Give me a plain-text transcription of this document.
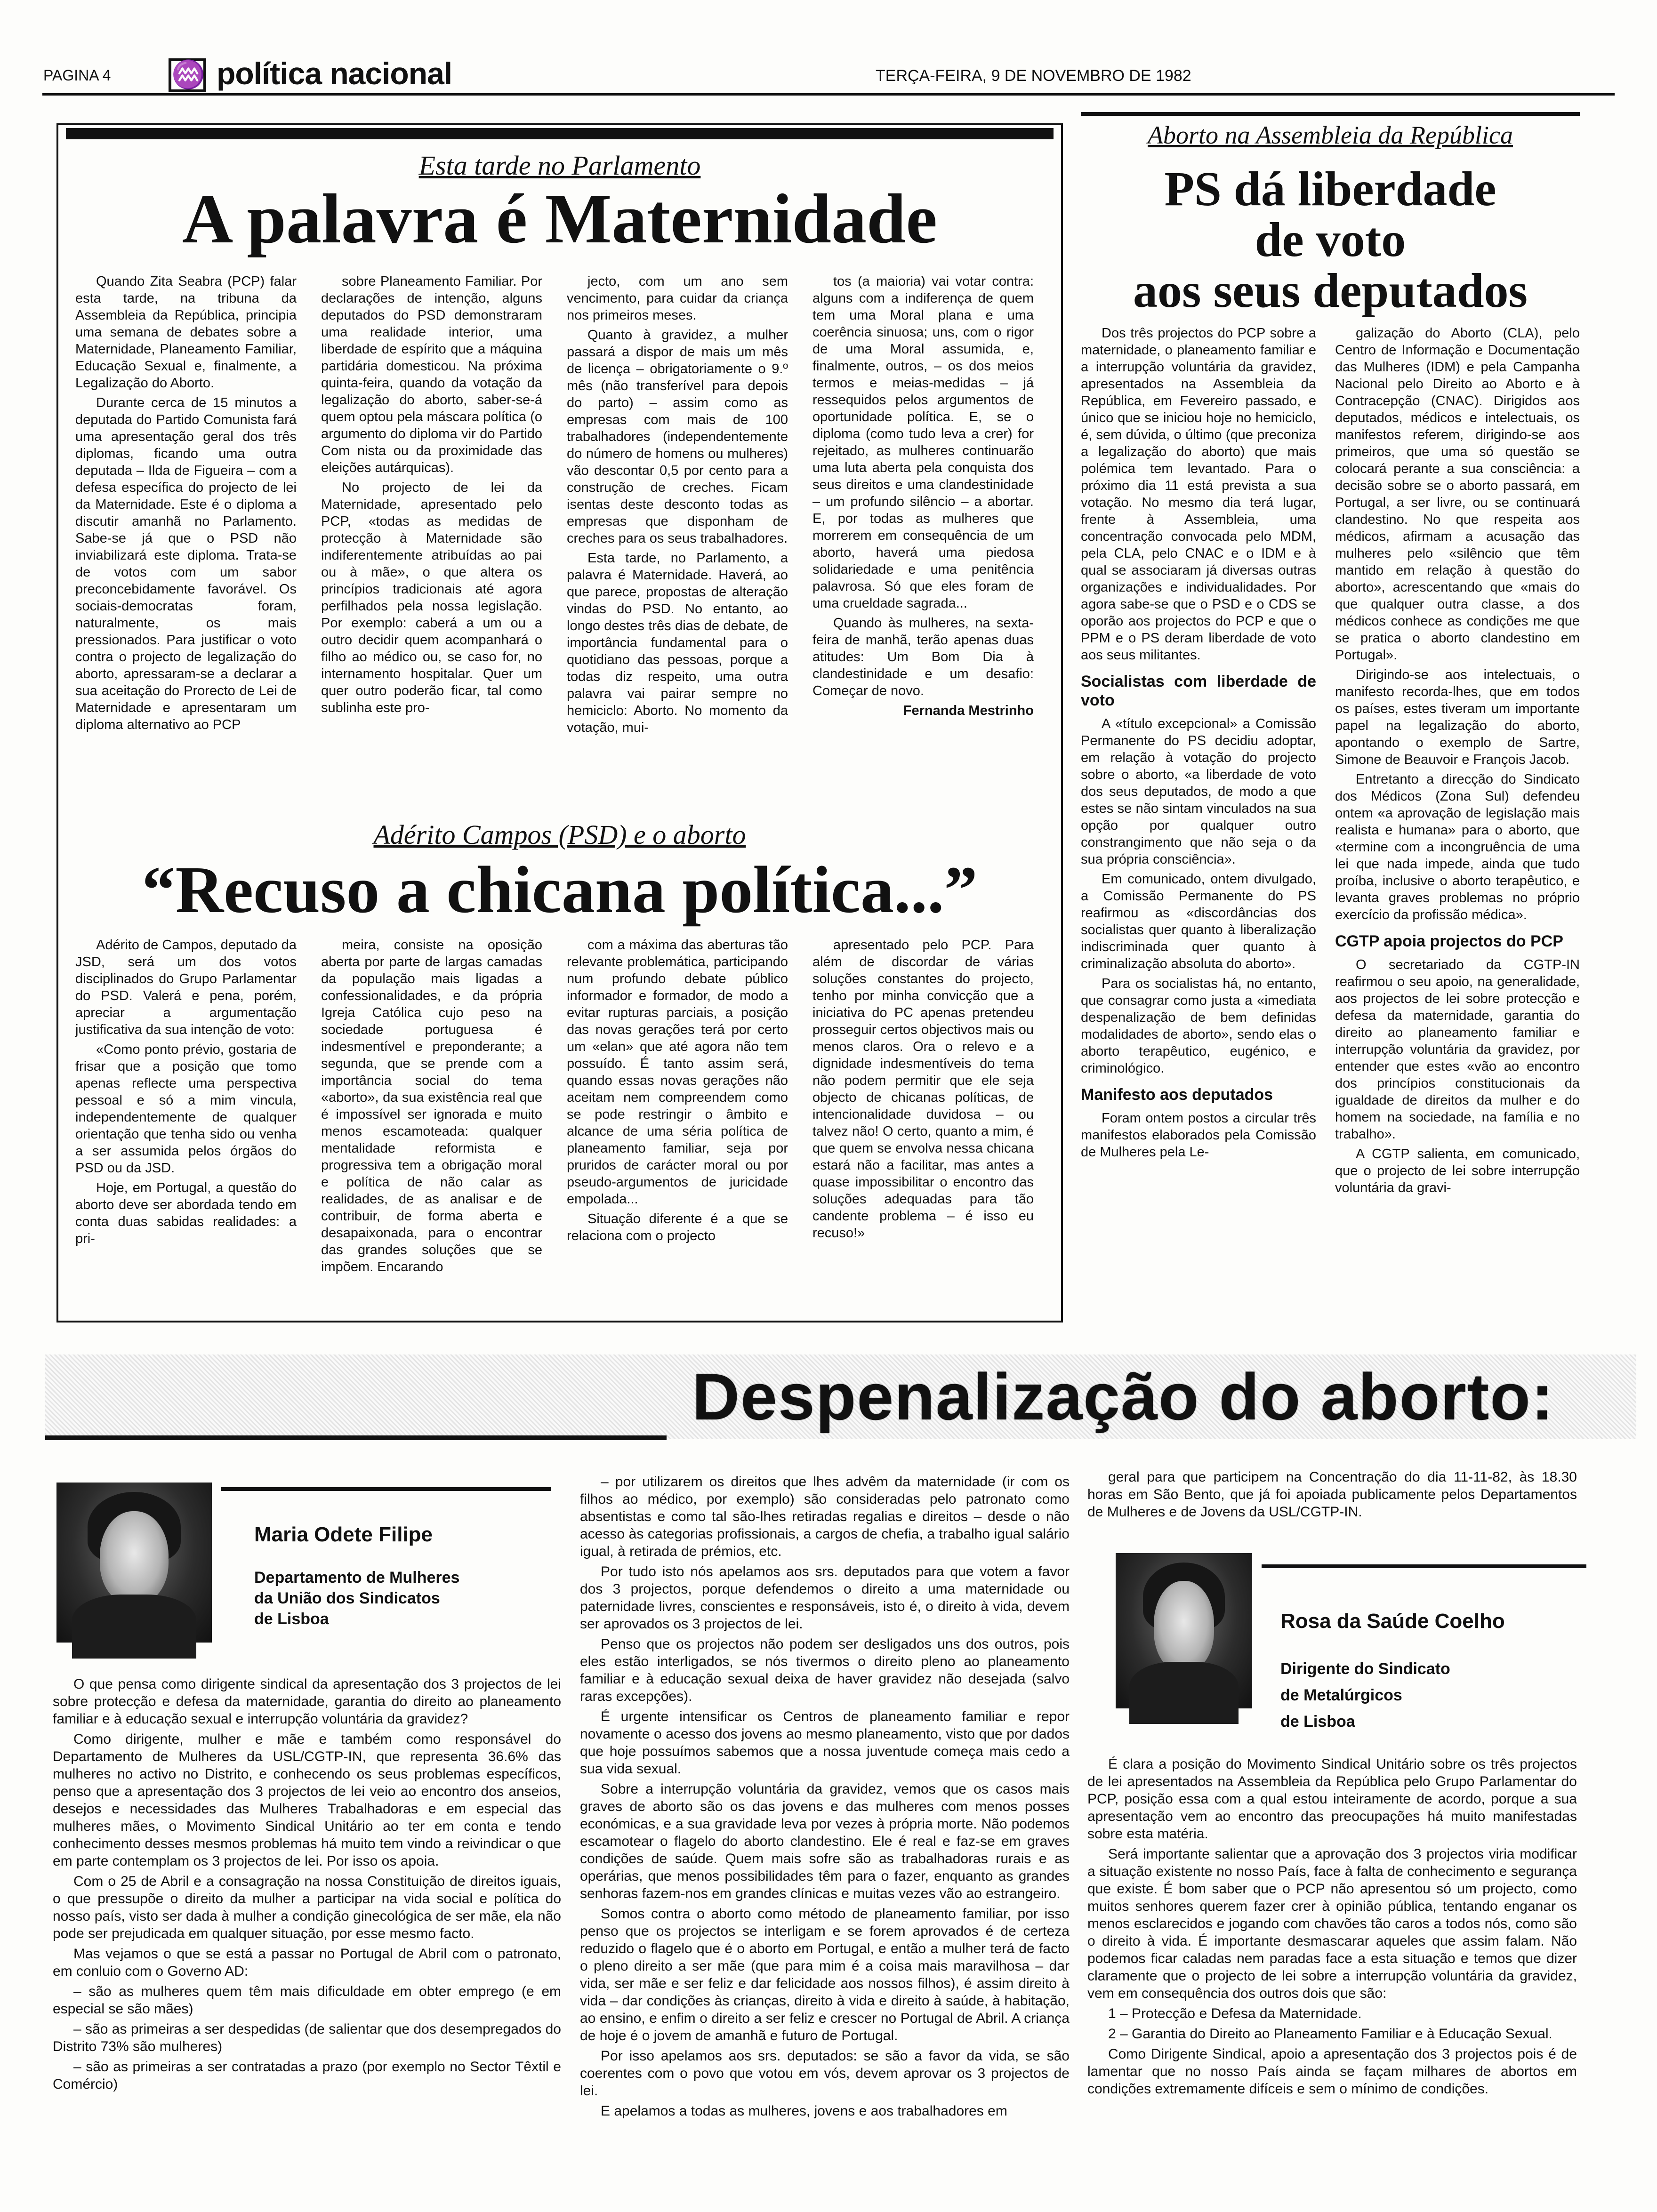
PAGINA 4 ♒ política nacional	TERÇA-FEIRA, 9 DE NOVEMBRO DE 1982
Esta tarde no Parlamento
A palavra é Maternidade

Quando Zita Seabra (PCP) falar esta tarde, na tribuna da Assembleia da República, principia uma semana de debates sobre a Maternidade, Planeamento Familiar, Educação Sexual e, finalmente, a Legalização do Aborto.

Durante cerca de 15 minutos a deputada do Partido Comunista fará uma apresentação geral dos três diplomas, ficando uma outra deputada – Ilda de Figueira – com a defesa específica do projecto de lei da Maternidade. Este é o diploma a discutir amanhã no Parlamento. Sabe-se já que o PSD não inviabilizará este diploma. Trata-se de votos com um sabor preconcebidamente favorável. Os sociais-democratas foram, naturalmente, os mais pressionados. Para justificar o voto contra o projecto de legalização do aborto, apressaram-se a declarar a sua aceitação do Prorecto de Lei de Maternidade e apresentaram um diploma alternativo ao PCP

sobre Planeamento Familiar. Por declarações de intenção, alguns deputados do PSD demonstraram uma realidade interior, uma liberdade de espírito que a máquina partidária domesticou. Na próxima quinta-feira, quando da votação da legalização do aborto, saber-se-á quem optou pela máscara política (o argumento do diploma vir do Partido Com nista ou da proximidade das eleições autárquicas).

No projecto de lei da Maternidade, apresentado pelo PCP, «todas as medidas de protecção à Maternidade são indiferentemente atribuídas ao pai ou à mãe», o que altera os princípios tradicionais até agora perfilhados pela nossa legislação. Por exemplo: caberá a um ou a outro decidir quem acompanhará o filho ao médico ou, se caso for, no internamento hospitalar. Quer um quer outro poderão ficar, tal como sublinha este pro-

jecto, com um ano sem vencimento, para cuidar da criança nos primeiros meses.

Quanto à gravidez, a mulher passará a dispor de mais um mês de licença – obrigatoriamente o 9.º mês (não transferível para depois do parto) – assim como as empresas com mais de 100 trabalhadores (independentemente do número de homens ou mulheres) vão descontar 0,5 por cento para a construção de creches. Ficam isentas deste desconto todas as empresas que disponham de creches para os seus trabalhadores.

Esta tarde, no Parlamento, a palavra é Maternidade. Haverá, ao que parece, propostas de alteração vindas do PSD. No entanto, ao longo destes três dias de debate, de importância fundamental para o quotidiano das pessoas, porque a todas diz respeito, uma outra palavra vai pairar sempre no hemiciclo: Aborto. No momento da votação, mui-

tos (a maioria) vai votar contra: alguns com a indiferença de quem tem uma Moral plana e uma coerência sinuosa; uns, com o rigor de uma Moral assumida, e, finalmente, outros, – os dos meios termos e meias-medidas – já ressequidos pelos argumentos de oportunidade política. E, se o diploma (como tudo leva a crer) for rejeitado, as mulheres continuarão uma luta aberta pela conquista dos seus direitos e uma clandestinidade – um profundo silêncio – a abortar. E, por todas as mulheres que morrerem em consequência de um aborto, haverá uma piedosa solidariedade e uma penitência palavrosa. Só que eles foram de uma crueldade sagrada...

Quando às mulheres, na sexta-feira de manhã, terão apenas duas atitudes: Um Bom Dia à clandestinidade e um desafio: Começar de novo.

Fernanda Mestrinho
Adérito Campos (PSD) e o aborto
“Recuso a chicana política...”

Adérito de Campos, deputado da JSD, será um dos votos disciplinados do Grupo Parlamentar do PSD. Valerá e pena, porém, apreciar a argumentação justificativa da sua intenção de voto:

«Como ponto prévio, gostaria de frisar que a posição que tomo apenas reflecte uma perspectiva pessoal e só a mim vincula, independentemente de qualquer orientação que tenha sido ou venha a ser assumida pelos órgãos do PSD ou da JSD.

Hoje, em Portugal, a questão do aborto deve ser abordada tendo em conta duas sabidas realidades: a pri-

meira, consiste na oposição aberta por parte de largas camadas da população mais ligadas a confessionalidades, e da própria Igreja Católica cujo peso na sociedade portuguesa é indesmentível e preponderante; a segunda, que se prende com a importância social do tema «aborto», da sua existência real que é impossível ser ignorada e muito menos escamoteada: qualquer mentalidade reformista e progressiva tem a obrigação moral e política de não calar as realidades, de as analisar e de contribuir, de forma aberta e desapaixonada, para o encontrar das grandes soluções que se impõem. Encarando

com a máxima das aberturas tão relevante problemática, participando num profundo debate público informador e formador, de modo a evitar rupturas parciais, a posição das novas gerações terá por certo um «elan» que até agora não tem possuído. É tanto assim será, quando essas novas gerações não aceitam nem compreendem como se pode restringir o âmbito e alcance de uma séria política de planeamento familiar, seja por pruridos de carácter moral ou por pseudo-argumentos de juricidade empolada...

Situação diferente é a que se relaciona com o projecto

apresentado pelo PCP. Para além de discordar de várias soluções constantes do projecto, tenho por minha convicção que a iniciativa do PC apenas pretendeu prosseguir certos objectivos mais ou menos claros. Ora o relevo e a dignidade indesmentíveis do tema não podem permitir que ele seja objecto de chicanas políticas, de intencionalidade duvidosa – ou talvez não! O certo, quanto a mim, é que quem se envolva nessa chicana estará não a facilitar, mas antes a quase impossibilitar o encontro das soluções adequadas para tão candente problema – é isso eu recuso!»

Aborto na Assembleia da República
PS dá liberdade
de voto
aos seus deputados

Dos três projectos do PCP sobre a maternidade, o planeamento familiar e a interrupção voluntária da gravidez, apresentados na Assembleia da República, em Fevereiro passado, e único que se iniciou hoje no hemiciclo, é, sem dúvida, o último (que preconiza a legalização do aborto) que mais polémica tem levantado. Para o próximo dia 11 está prevista a sua votação. No mesmo dia terá lugar, frente à Assembleia, uma concentração convocada pelo MDM, pela CLA, pelo CNAC e o IDM e à qual se associaram já diversas outras organizações e individualidades. Por agora sabe-se que o PSD e o CDS se oporão aos projectos do PCP e que o PPM e o PS deram liberdade de voto aos seus militantes.

Socialistas com liberdade de voto

A «título excepcional» a Comissão Permanente do PS decidiu adoptar, em relação à votação do projecto sobre o aborto, «a liberdade de voto dos seus deputados, de modo a que estes se não sintam vinculados na sua opção por qualquer outro constrangimento que não seja o da sua própria consciência».

Em comunicado, ontem divulgado, a Comissão Permanente do PS reafirmou as «discordâncias dos socialistas quer quanto à liberalização indiscriminada quer quanto à criminalização absoluta do aborto».

Para os socialistas há, no entanto, que consagrar como justa a «imediata despenalização de bem definidas modalidades de aborto», sendo elas o aborto terapêutico, eugénico, e criminológico.

Manifesto aos deputados

Foram ontem postos a circular três manifestos elaborados pela Comissão de Mulheres pela Le-

galização do Aborto (CLA), pelo Centro de Informação e Documentação das Mulheres (IDM) e pela Campanha Nacional pelo Direito ao Aborto e à Contracepção (CNAC). Dirigidos aos deputados, médicos e intelectuais, os manifestos referem, dirigindo-se aos primeiros, que uma só questão se colocará perante a sua consciência: a decisão sobre se o aborto passará, em Portugal, a ser livre, ou se continuará clandestino. No que respeita aos médicos, afirmam a acusação das mulheres pelo «silêncio que têm mantido em relação à questão do aborto», acrescentando que «mais do que qualquer outra classe, a dos médicos conhece as condições me que se pratica o aborto clandestino em Portugal».

Dirigindo-se aos intelectuais, o manifesto recorda-lhes, que em todos os países, estes tiveram um importante papel na legalização do aborto, apontando o exemplo de Sartre, Simone de Beauvoir e François Jacob.

Entretanto a direcção do Sindicato dos Médicos (Zona Sul) defendeu ontem «a aprovação de legislação mais realista e humana» para o aborto, que «termine com a incongruência de uma lei que nada impede, ainda que tudo proíba, inclusive o aborto terapêutico, e levanta graves problemas no próprio exercício da profissão médica».

CGTP apoia projectos do PCP

O secretariado da CGTP-IN reafirmou o seu apoio, na generalidade, aos projectos de lei sobre protecção e defesa da maternidade, garantia do direito ao planeamento familiar e interrupção voluntária da gravidez, por entender que estes «vão ao encontro dos princípios constitucionais da igualdade de direitos da mulher e do homem na sociedade, na família e no trabalho».

A CGTP salienta, em comunicado, que o projecto de lei sobre interrupção voluntária da gravi-

Despenalização do aborto:
Maria Odete Filipe
Departamento de Mulheres
da União dos Sindicatos
de Lisboa

O que pensa como dirigente sindical da apresentação dos 3 projectos de lei sobre protecção e defesa da maternidade, garantia do direito ao planeamento familiar e à educação sexual e interrupção voluntária da gravidez?

Como dirigente, mulher e mãe e também como responsável do Departamento de Mulheres da USL/CGTP-IN, que representa 36.6% das mulheres no activo no Distrito, e conhecendo os seus problemas específicos, penso que a apresentação dos 3 projectos de lei veio ao encontro dos anseios, desejos e necessidades das Mulheres Trabalhadoras e em especial das mulheres mães, o Movimento Sindical Unitário ao ter em conta e tendo conhecimento desses mesmos problemas há muito tem vindo a reivindicar o que em parte contemplam os 3 projectos de lei. Por isso os apoia.

Com o 25 de Abril e a consagração na nossa Constituição de direitos iguais, o que pressupõe o direito da mulher a participar na vida social e política do nosso país, visto ser dada à mulher a condição ginecológica de ser mãe, ela não pode ser prejudicada em qualquer situação, por esse mesmo facto.

Mas vejamos o que se está a passar no Portugal de Abril com o patronato, em conluio com o Governo AD:

– são as mulheres quem têm mais dificuldade em obter emprego (e em especial se são mães)

– são as primeiras a ser despedidas (de salientar que dos desempregados do Distrito 73% são mulheres)

– são as primeiras a ser contratadas a prazo (por exemplo no Sector Têxtil e Comércio)

– por utilizarem os direitos que lhes advêm da maternidade (ir com os filhos ao médico, por exemplo) são consideradas pelo patronato como absentistas e como tal são-lhes retiradas regalias e direitos – desde o não acesso às categorias profissionais, a cargos de chefia, a trabalho igual salário igual, à retirada de prémios, etc.

Por tudo isto nós apelamos aos srs. deputados para que votem a favor dos 3 projectos, porque defendemos o direito a uma maternidade ou paternidade livres, conscientes e responsáveis, isto é, o direito à vida, devem ser aprovados os 3 projectos de lei.

Penso que os projectos não podem ser desligados uns dos outros, pois eles estão interligados, se nós tivermos o direito pleno ao planeamento familiar e à educação sexual deixa de haver gravidez não desejada (salvo raras excepções).

É urgente intensificar os Centros de planeamento familiar e repor novamente o acesso dos jovens ao mesmo planeamento, visto que por dados que hoje possuímos sabemos que a nossa juventude começa mais cedo a sua vida sexual.

Sobre a interrupção voluntária da gravidez, vemos que os casos mais graves de aborto são os das jovens e das mulheres com menos posses económicas, e a sua gravidade leva por vezes à própria morte. Não podemos escamotear o flagelo do aborto clandestino. Ele é real e faz-se em graves condições de saúde. Quem mais sofre são as trabalhadoras rurais e as operárias, que menos possibilidades têm para o fazer, enquanto as grandes senhoras fazem-nos em grandes clínicas e muitas vezes vão ao estrangeiro.

Somos contra o aborto como método de planeamento familiar, por isso penso que os projectos se interligam e se forem aprovados é de certeza reduzido o flagelo que é o aborto em Portugal, e então a mulher terá de facto o pleno direito a ser mãe (que para mim é a coisa mais maravilhosa – dar vida, ser mãe e ser feliz e dar felicidade aos nossos filhos), é assim direito à vida – dar condições às crianças, direito à vida e direito à saúde, à habitação, ao ensino, e enfim o direito a ser feliz e crescer no Portugal de Abril. A criança de hoje é o jovem de amanhã e futuro de Portugal.

Por isso apelamos aos srs. deputados: se são a favor da vida, se são coerentes com o povo que votou em vós, devem aprovar os 3 projectos de lei.

E apelamos a todas as mulheres, jovens e aos trabalhadores em

geral para que participem na Concentração do dia 11-11-82, às 18.30 horas em São Bento, que já foi apoiada publicamente pelos Departamentos de Mulheres e de Jovens da USL/CGTP-IN.

Rosa da Saúde Coelho
Dirigente do Sindicato
de Metalúrgicos
de Lisboa

É clara a posição do Movimento Sindical Unitário sobre os três projectos de lei apresentados na Assembleia da República pelo Grupo Parlamentar do PCP, posição essa com a qual estou inteiramente de acordo, porque a sua apresentação vem ao encontro das preocupações há muito manifestadas sobre esta matéria.

Será importante salientar que a aprovação dos 3 projectos viria modificar a situação existente no nosso País, face à falta de conhecimento e segurança que existe. É bom saber que o PCP não apresentou só um projecto, como muitos senhores querem fazer crer à opinião pública, tentando enganar os menos esclarecidos e jogando com chavões tão caros a todos nós, como são o direito à vida. É importante desmascarar aqueles que assim falam. Não podemos ficar caladas nem paradas face a esta situação e temos que dizer claramente que o projecto de lei sobre a interrupção voluntária da gravidez, vem em consequência dos outros dois que são:

1 – Protecção e Defesa da Maternidade.

2 – Garantia do Direito ao Planeamento Familiar e à Educação Sexual.

Como Dirigente Sindical, apoio a apresentação dos 3 projectos pois é de lamentar que no nosso País ainda se façam milhares de abortos em condições extremamente difíceis e sem o mínimo de condições.
